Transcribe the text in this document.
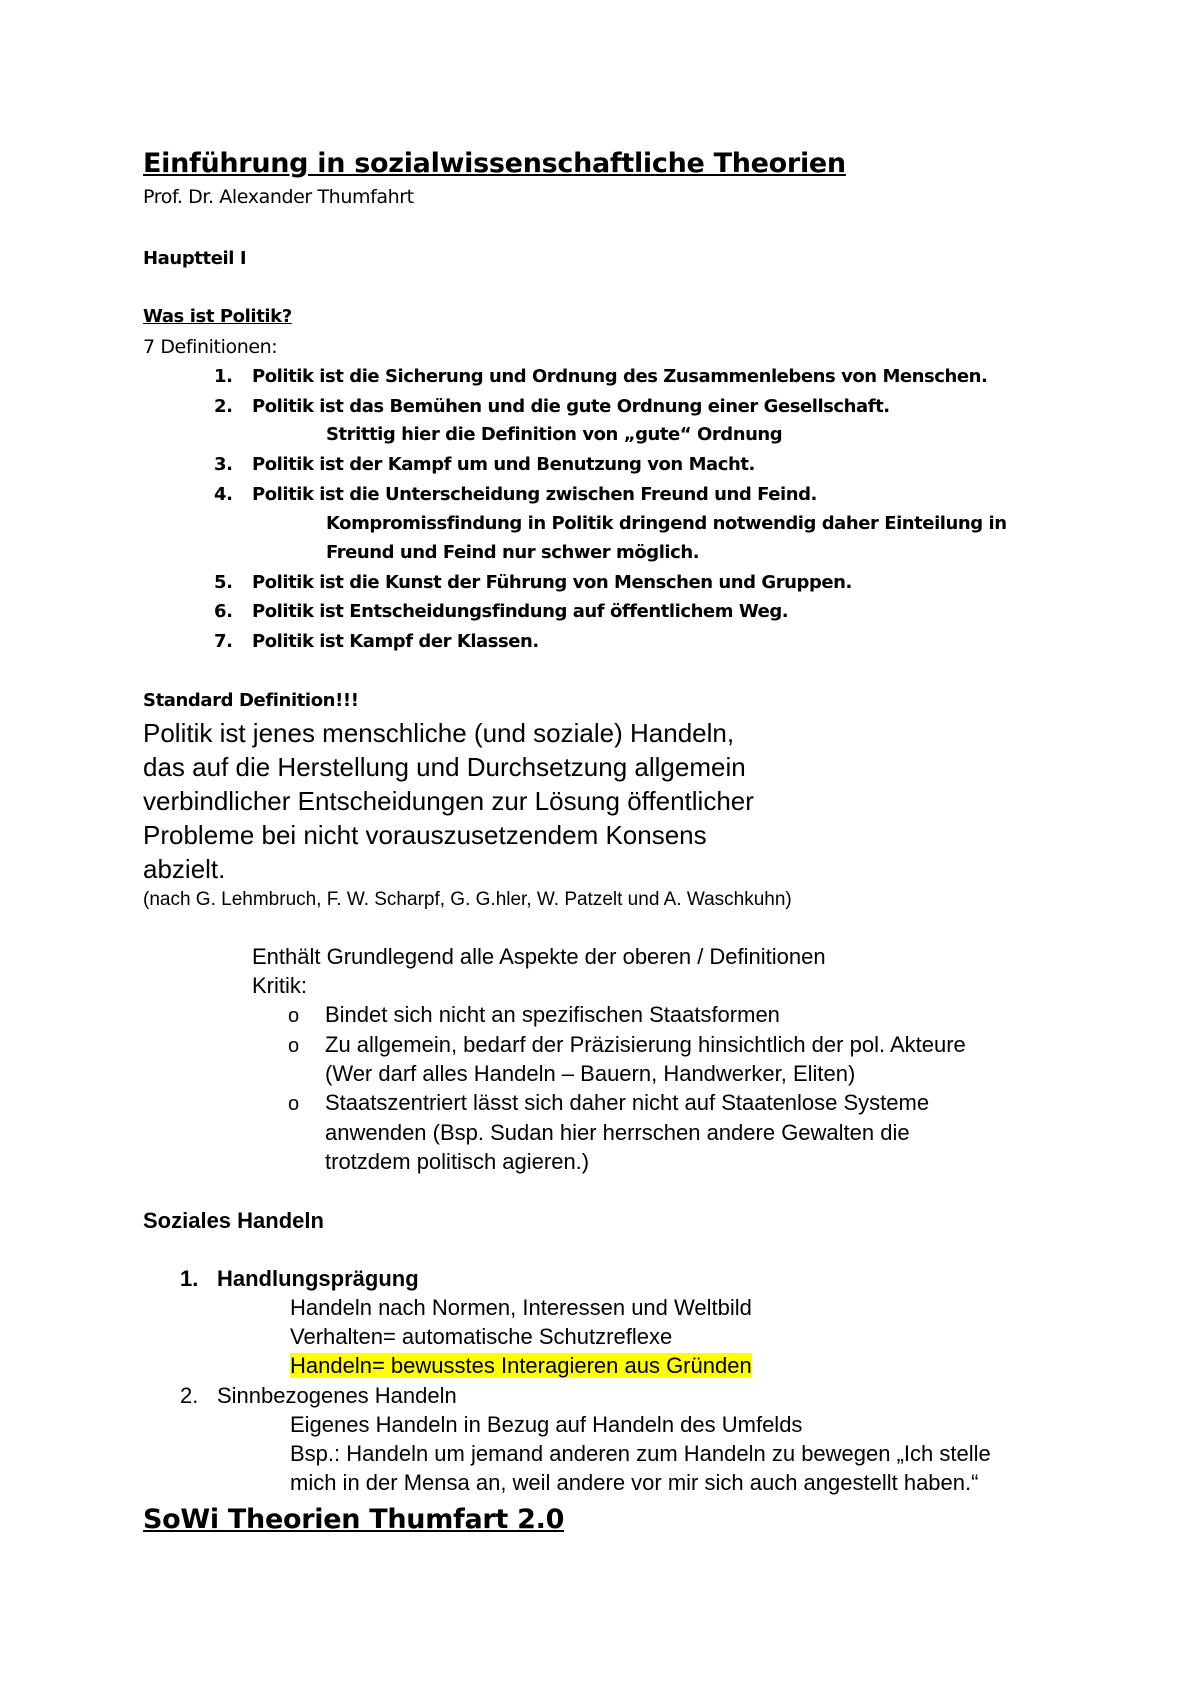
Einführung in sozialwissenschaftliche Theorien
Prof. Dr. Alexander Thumfahrt
Hauptteil I
Was ist Politik?
7 Definitionen:
1.	Politik ist die Sicherung und Ordnung des Zusammenlebens von Menschen.
2.	Politik ist das Bemühen und die gute Ordnung einer Gesellschaft.
Strittig hier die Definition von „gute“ Ordnung
3.	Politik ist der Kampf um und Benutzung von Macht.
4.	Politik ist die Unterscheidung zwischen Freund und Feind.
Kompromissfindung in Politik dringend notwendig daher Einteilung in
Freund und Feind nur schwer möglich.
5.	Politik ist die Kunst der Führung von Menschen und Gruppen.
6.	Politik ist Entscheidungsfindung auf öffentlichem Weg.
7.	Politik ist Kampf der Klassen.
Standard Definition!!!
Politik ist jenes menschliche (und soziale) Handeln,
das auf die Herstellung und Durchsetzung allgemein
verbindlicher Entscheidungen zur Lösung öffentlicher
Probleme bei nicht vorauszusetzendem Konsens
abzielt.
(nach G. Lehmbruch, F. W. Scharpf, G. G.hler, W. Patzelt und A. Waschkuhn)
Enthält Grundlegend alle Aspekte der oberen / Definitionen
Kritik:
o Bindet sich nicht an spezifischen Staatsformen
o Zu allgemein, bedarf der Präzisierung hinsichtlich der pol. Akteure
(Wer darf alles Handeln – Bauern, Handwerker, Eliten)
o Staatszentriert lässt sich daher nicht auf Staatenlose Systeme
anwenden (Bsp. Sudan hier herrschen andere Gewalten die
trotzdem politisch agieren.)
Soziales Handeln
1. Handlungsprägung
Handeln nach Normen, Interessen und Weltbild
Verhalten= automatische Schutzreflexe
Handeln= bewusstes Interagieren aus Gründen
2. Sinnbezogenes Handeln
Eigenes Handeln in Bezug auf Handeln des Umfelds
Bsp.: Handeln um jemand anderen zum Handeln zu bewegen „Ich stelle
mich in der Mensa an, weil andere vor mir sich auch angestellt haben.“
SoWi Theorien Thumfart 2.0
